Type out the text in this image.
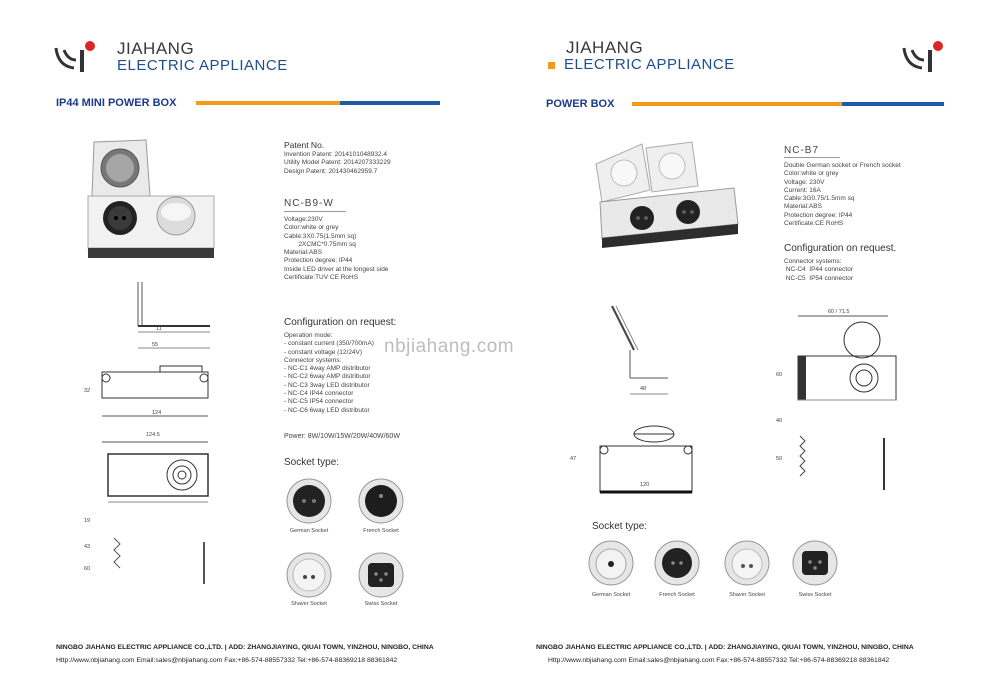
JIAHANG
ELECTRIC APPLIANCE
IP44 MINI POWER BOX
11
55
32
124
124.5
19
43
60
Patent No.
Invention Patent: 2014101048932.4
Utility Model Patent: 2014207333229
Design Patent: 201430462959.7
NC-B9-W
Voltage:230V
Color:white or grey
Cable:3X0.75(1.5mm sq)
2XCMC*0.75mm sq
Material:ABS
Protection degree: IP44
Inside LED driver at the longest side
Certificate:TUV CE RoHS
Configuration on request:
Operation mode:
- constant current (350/700mA)
- constant voltage (12/24V)
Connector systems:
- NC-C1 4way AMP distributor
- NC-C2 6way AMP distributor
- NC-C3 3way LED distributor
- NC-C4 IP44 connector
- NC-C5 IP54 connector
- NC-C6 6way LED distributor
Power: 8W/10W/15W/20W/40W/60W
Socket type:
German Socket	French Socket
Shaver Socket	Swiss Socket
NINGBO JIAHANG ELECTRIC APPLIANCE CO.,LTD. | ADD: ZHANGJIAYING, QIUAI TOWN, YINZHOU, NINGBO, CHINA
Http://www.nbjiahang.com Email:sales@nbjiahang.com Fax:+86-574-88557332 Tel:+86-574-88369218 88361842
nbjiahang.com
JIAHANG
ELECTRIC APPLIANCE
POWER BOX
NC-B7
Double German socket or French socket
Color:white or grey
Voltage: 230V
Current: 16A
Cable:3G0.75/1.5mm sq
Material:ABS
Protection degree: IP44
Certificate:CE RoHS
Configuration on request.
Connector systems:
NC-C4  IP44 connector
NC-C5  IP54 connector
48
47
120
60 / 71.5
60
40
50
Socket type:
German Socket	French Socket	Shaver Socket	Swiss Socket
NINGBO JIAHANG ELECTRIC APPLIANCE CO.,LTD. | ADD: ZHANGJIAYING, QIUAI TOWN, YINZHOU, NINGBO, CHINA
Http://www.nbjiahang.com Email:sales@nbjiahang.com Fax:+86-574-88557332 Tel:+86-574-88369218 88361842
